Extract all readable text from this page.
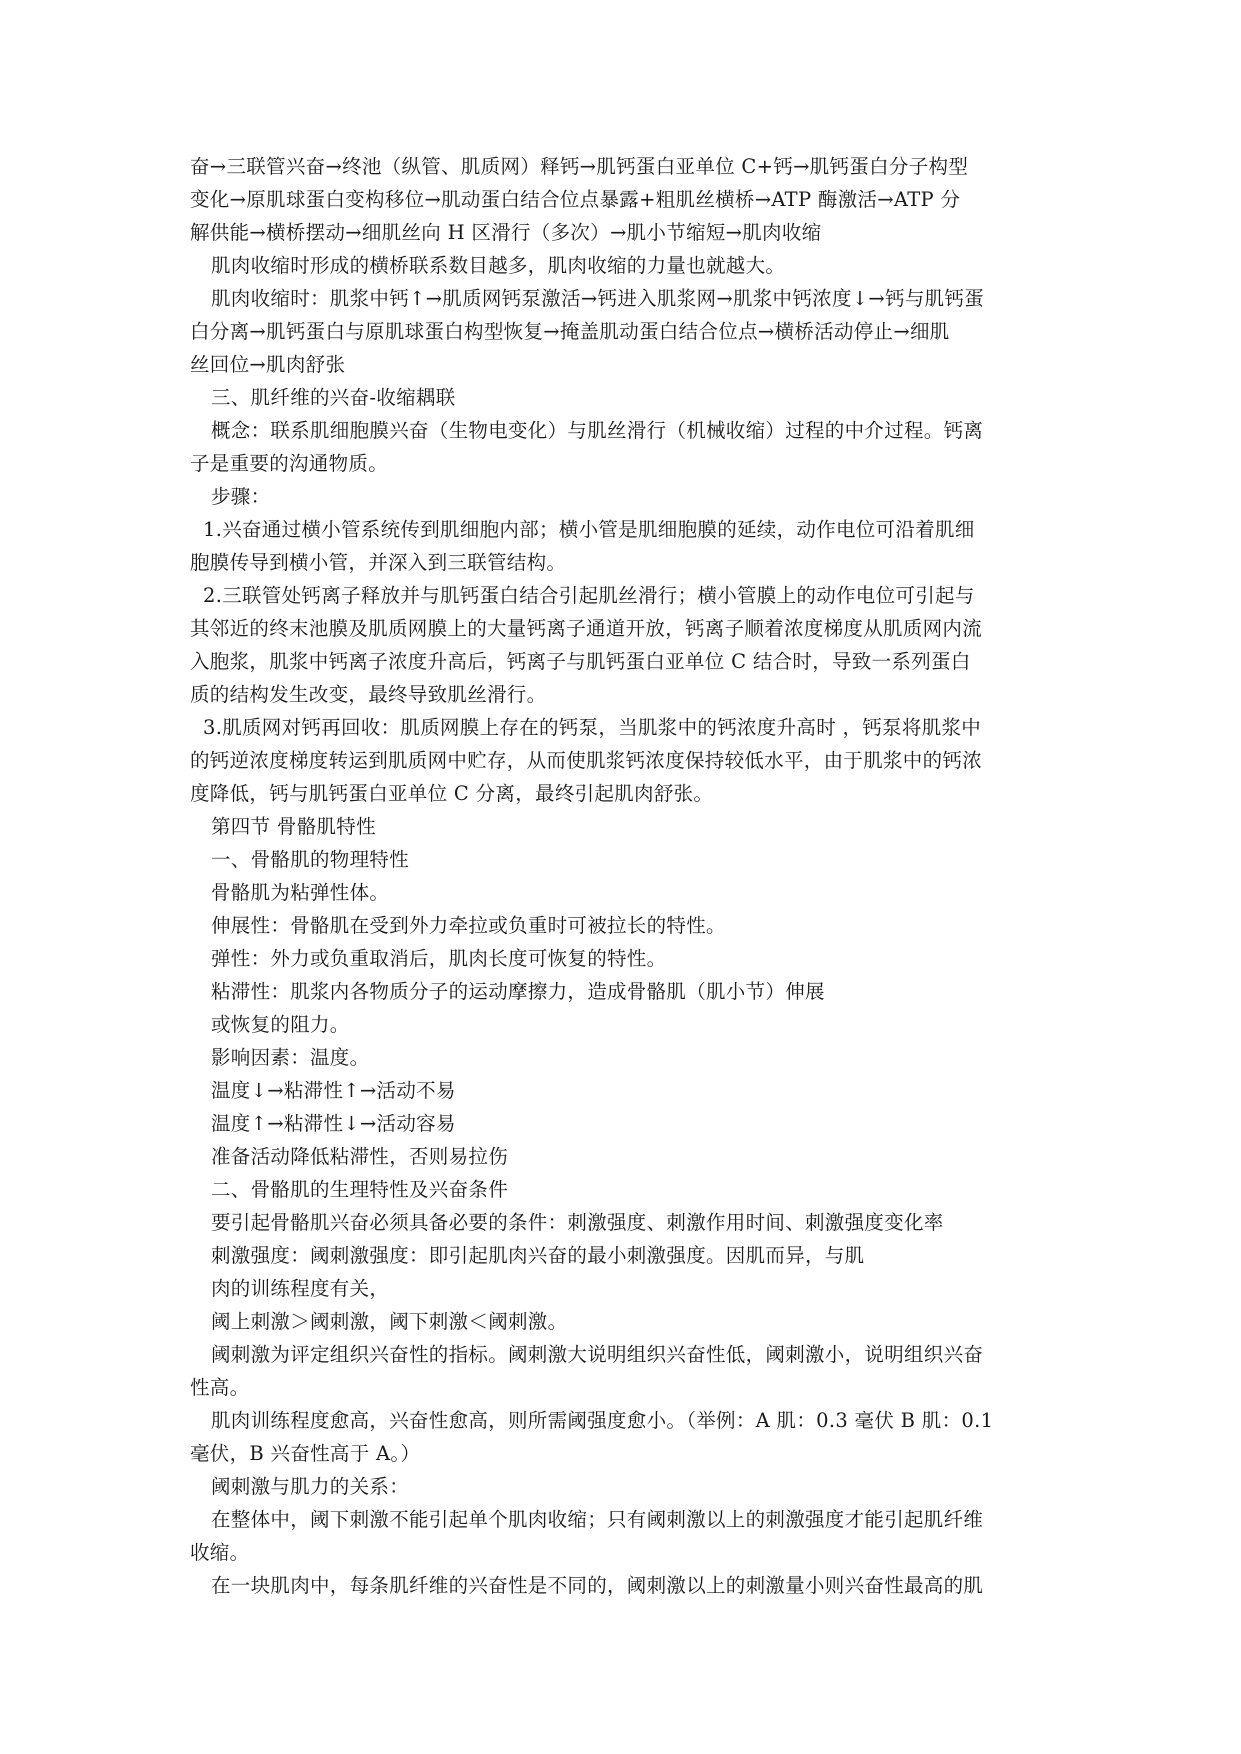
奋→三联管兴奋→终池（纵管、肌质网）释钙→肌钙蛋白亚单位 C+钙→肌钙蛋白分子构型
变化→原肌球蛋白变构移位→肌动蛋白结合位点暴露+粗肌丝横桥→ATP 酶激活→ATP 分
解供能→横桥摆动→细肌丝向 H 区滑行（多次）→肌小节缩短→肌肉收缩
肌肉收缩时形成的横桥联系数目越多，肌肉收缩的力量也就越大。
肌肉收缩时：肌浆中钙↑→肌质网钙泵激活→钙进入肌浆网→肌浆中钙浓度↓→钙与肌钙蛋
白分离→肌钙蛋白与原肌球蛋白构型恢复→掩盖肌动蛋白结合位点→横桥活动停止→细肌
丝回位→肌肉舒张
三、肌纤维的兴奋-收缩耦联
概念：联系肌细胞膜兴奋（生物电变化）与肌丝滑行（机械收缩）过程的中介过程。钙离
子是重要的沟通物质。
步骤：
1.兴奋通过横小管系统传到肌细胞内部；横小管是肌细胞膜的延续，动作电位可沿着肌细
胞膜传导到横小管，并深入到三联管结构。
2.三联管处钙离子释放并与肌钙蛋白结合引起肌丝滑行；横小管膜上的动作电位可引起与
其邻近的终末池膜及肌质网膜上的大量钙离子通道开放，钙离子顺着浓度梯度从肌质网内流
入胞浆，肌浆中钙离子浓度升高后，钙离子与肌钙蛋白亚单位 C 结合时，导致一系列蛋白
质的结构发生改变，最终导致肌丝滑行。
3.肌质网对钙再回收：肌质网膜上存在的钙泵，当肌浆中的钙浓度升高时 ，钙泵将肌浆中
的钙逆浓度梯度转运到肌质网中贮存，从而使肌浆钙浓度保持较低水平，由于肌浆中的钙浓
度降低，钙与肌钙蛋白亚单位 C 分离，最终引起肌肉舒张。
第四节 骨骼肌特性
一、骨骼肌的物理特性
骨骼肌为粘弹性体。
伸展性：骨骼肌在受到外力牵拉或负重时可被拉长的特性。
弹性：外力或负重取消后，肌肉长度可恢复的特性。
粘滞性：肌浆内各物质分子的运动摩擦力，造成骨骼肌（肌小节）伸展
或恢复的阻力。
影响因素：温度。
温度↓→粘滞性↑→活动不易
温度↑→粘滞性↓→活动容易
准备活动降低粘滞性，否则易拉伤
二、骨骼肌的生理特性及兴奋条件
要引起骨骼肌兴奋必须具备必要的条件：刺激强度、刺激作用时间、刺激强度变化率
刺激强度：阈刺激强度：即引起肌肉兴奋的最小刺激强度。因肌而异，与肌
肉的训练程度有关，
阈上刺激＞阈刺激，阈下刺激＜阈刺激。
阈刺激为评定组织兴奋性的指标。阈刺激大说明组织兴奋性低，阈刺激小，说明组织兴奋
性高。
肌肉训练程度愈高，兴奋性愈高，则所需阈强度愈小。（举例：A 肌：0.3 毫伏 B 肌：0.1
毫伏，B 兴奋性高于 A。）
阈刺激与肌力的关系：
在整体中，阈下刺激不能引起单个肌肉收缩；只有阈刺激以上的刺激强度才能引起肌纤维
收缩。
在一块肌肉中，每条肌纤维的兴奋性是不同的，阈刺激以上的刺激量小则兴奋性最高的肌
